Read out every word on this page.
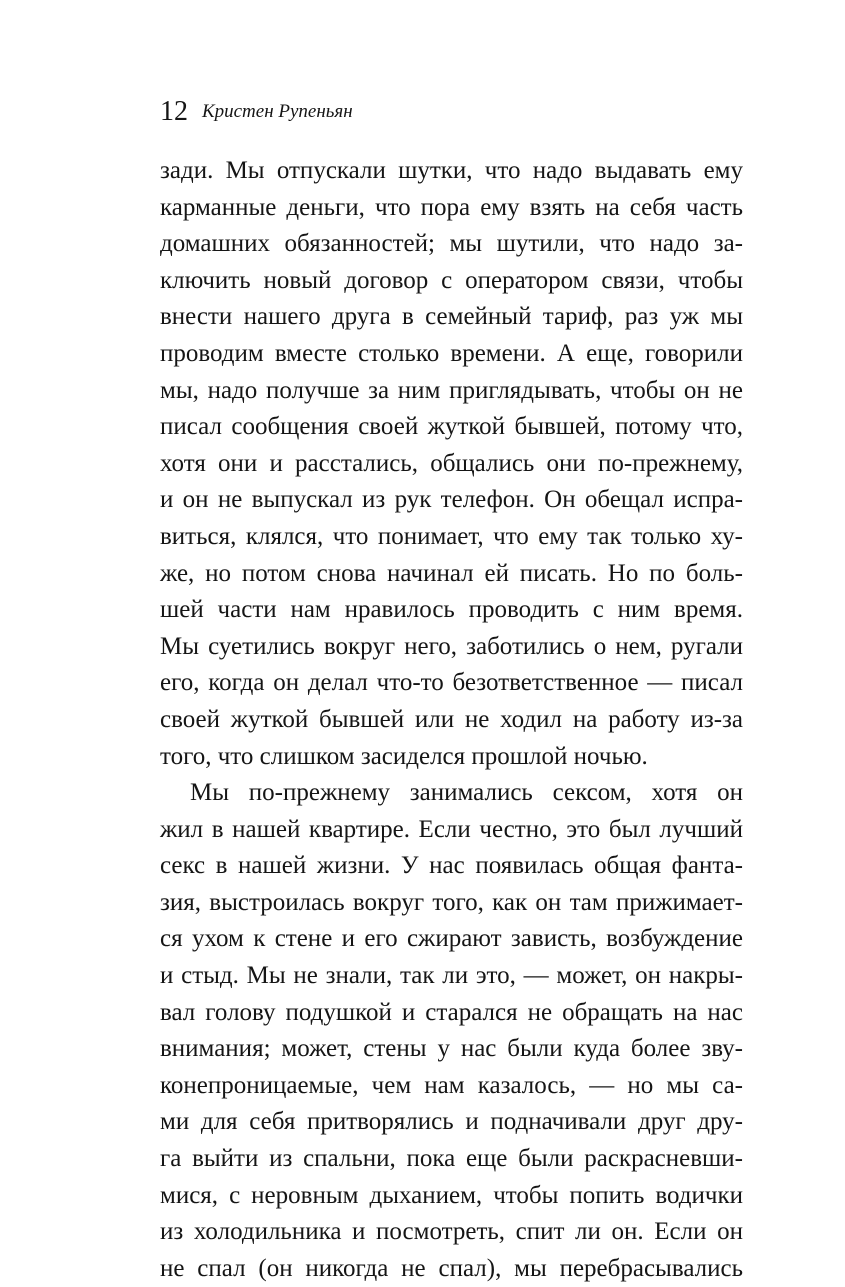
12 Кристен Рупеньян
зади. Мы отпускали шутки, что надо выдавать ему
карманные деньги, что пора ему взять на себя часть
домашних обязанностей; мы шутили, что надо за-
ключить новый договор с оператором связи, чтобы
внести нашего друга в семейный тариф, раз уж мы
проводим вместе столько времени. А еще, говорили
мы, надо получше за ним приглядывать, чтобы он не
писал сообщения своей жуткой бывшей, потому что,
хотя они и расстались, общались они по-прежнему,
и он не выпускал из рук телефон. Он обещал испра-
виться, клялся, что понимает, что ему так только ху-
же, но потом снова начинал ей писать. Но по боль-
шей части нам нравилось проводить с ним время.
Мы суетились вокруг него, заботились о нем, ругали
его, когда он делал что-то безответственное — писал
своей жуткой бывшей или не ходил на работу из-за
того, что слишком засиделся прошлой ночью.
Мы по-прежнему занимались сексом, хотя он
жил в нашей квартире. Если честно, это был лучший
секс в нашей жизни. У нас появилась общая фанта-
зия, выстроилась вокруг того, как он там прижимает-
ся ухом к стене и его сжирают зависть, возбуждение
и стыд. Мы не знали, так ли это, — может, он накры-
вал голову подушкой и старался не обращать на нас
внимания; может, стены у нас были куда более зву-
конепроницаемые, чем нам казалось, — но мы са-
ми для себя притворялись и подначивали друг дру-
га выйти из спальни, пока еще были раскрасневши-
мися, с неровным дыханием, чтобы попить водички
из холодильника и посмотреть, спит ли он. Если он
не спал (он никогда не спал), мы перебрасывались
